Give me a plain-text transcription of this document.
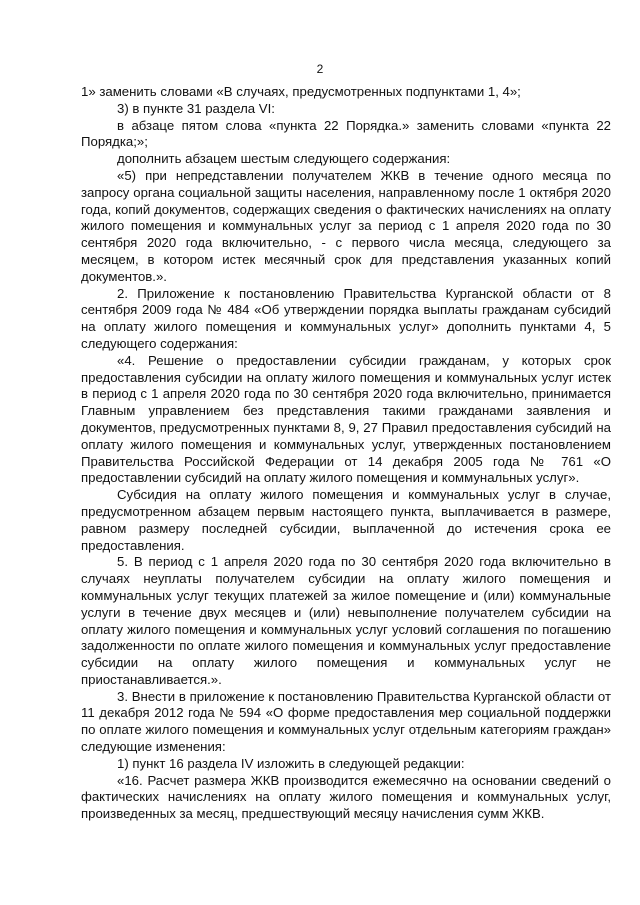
2

1» заменить словами «В случаях, предусмотренных подпунктами 1, 4»;

3) в пункте 31 раздела VI:

в абзаце пятом слова «пункта 22 Порядка.» заменить словами «пункта 22 Порядка;»;

дополнить абзацем шестым следующего содержания:

«5) при непредставлении получателем ЖКВ в течение одного месяца по запросу органа социальной защиты населения, направленному после 1 октября 2020 года, копий документов, содержащих сведения о фактических начислениях на оплату жилого помещения и коммунальных услуг за период с 1 апреля 2020 года по 30 сентября 2020 года включительно, - с первого числа месяца, следующего за месяцем, в котором истек месячный срок для представления указанных копий документов.».

2. Приложение к постановлению Правительства Курганской области от 8 сентября 2009 года № 484 «Об утверждении порядка выплаты гражданам субсидий на оплату жилого помещения и коммунальных услуг» дополнить пунктами 4, 5 следующего содержания:

«4. Решение о предоставлении субсидии гражданам, у которых срок предоставления субсидии на оплату жилого помещения и коммунальных услуг истек в период с 1 апреля 2020 года по 30 сентября 2020 года включительно, принимается Главным управлением без представления такими гражданами заявления и документов, предусмотренных пунктами 8, 9, 27 Правил предоставления субсидий на оплату жилого помещения и коммунальных услуг, утвержденных постановлением Правительства Российской Федерации от 14 декабря 2005 года № 761 «О предоставлении субсидий на оплату жилого помещения и коммунальных услуг».

Субсидия на оплату жилого помещения и коммунальных услуг в случае, предусмотренном абзацем первым настоящего пункта, выплачивается в размере, равном размеру последней субсидии, выплаченной до истечения срока ее предоставления.

5. В период с 1 апреля 2020 года по 30 сентября 2020 года включительно в случаях неуплаты получателем субсидии на оплату жилого помещения и коммунальных услуг текущих платежей за жилое помещение и (или) коммунальные услуги в течение двух месяцев и (или) невыполнение получателем субсидии на оплату жилого помещения и коммунальных услуг условий соглашения по погашению задолженности по оплате жилого помещения и коммунальных услуг предоставление субсидии на оплату жилого помещения и коммунальных услуг не приостанавливается.».

3. Внести в приложение к постановлению Правительства Курганской области от 11 декабря 2012 года № 594 «О форме предоставления мер социальной поддержки по оплате жилого помещения и коммунальных услуг отдельным категориям граждан» следующие изменения:

1) пункт 16 раздела IV изложить в следующей редакции:

«16. Расчет размера ЖКВ производится ежемесячно на основании сведений о фактических начислениях на оплату жилого помещения и коммунальных услуг, произведенных за месяц, предшествующий месяцу начисления сумм ЖКВ.
